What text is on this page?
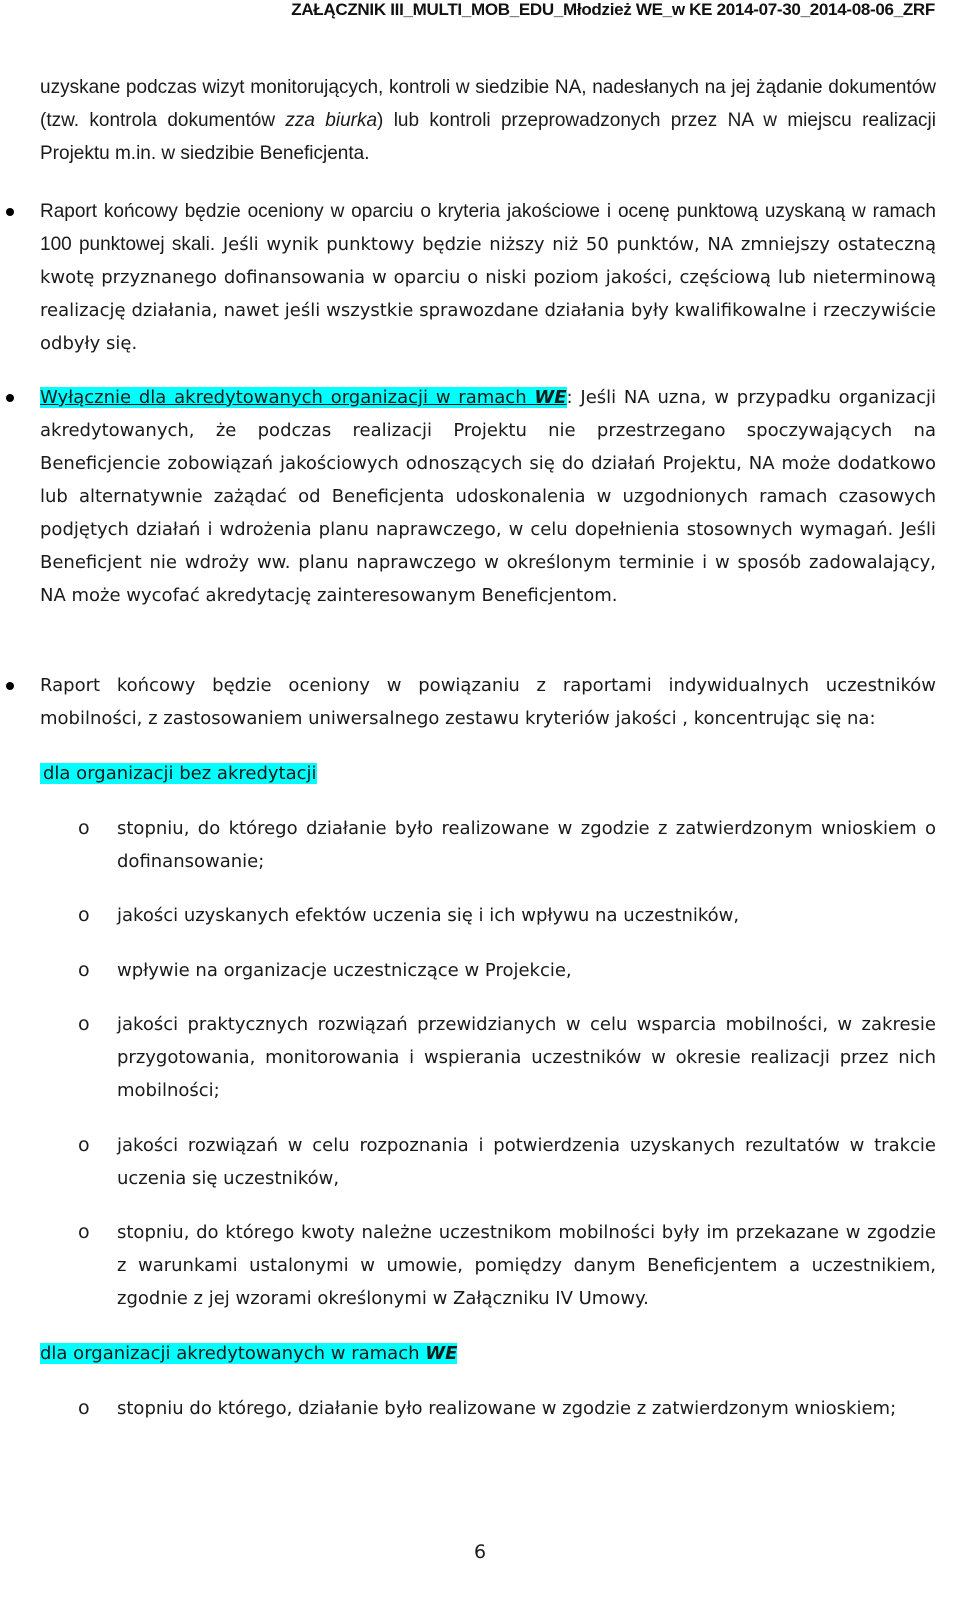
ZAŁĄCZNIK III_MULTI_MOB_EDU_Młodzież WE_w KE 2014-07-30_2014-08-06_ZRF

uzyskane podczas wizyt monitorujących, kontroli w siedzibie NA, nadesłanych na jej żądanie dokumentów (tzw. kontrola dokumentów zza biurka) lub kontroli przeprowadzonych przez NA w miejscu realizacji Projektu m.in. w siedzibie Beneficjenta.

Raport końcowy będzie oceniony w oparciu o kryteria jakościowe i ocenę punktową uzyskaną w ramach 100 punktowej skali. Jeśli wynik punktowy będzie niższy niż 50 punktów, NA zmniejszy ostateczną kwotę przyznanego dofinansowania w oparciu o niski poziom jakości, częściową lub nieterminową realizację działania, nawet jeśli wszystkie sprawozdane działania były kwalifikowalne i rzeczywiście odbyły się.

Wyłącznie dla akredytowanych organizacji w ramach WE: Jeśli NA uzna, w przypadku organizacji akredytowanych, że podczas realizacji Projektu nie przestrzegano spoczywających na Beneficjencie zobowiązań jakościowych odnoszących się do działań Projektu, NA może dodatkowo lub alternatywnie zażądać od Beneficjenta udoskonalenia w uzgodnionych ramach czasowych podjętych działań i wdrożenia planu naprawczego, w celu dopełnienia stosownych wymagań. Jeśli Beneficjent nie wdroży ww. planu naprawczego w określonym terminie i w sposób zadowalający, NA może wycofać akredytację zainteresowanym Beneficjentom.

Raport końcowy będzie oceniony w powiązaniu z raportami indywidualnych uczestników mobilności, z zastosowaniem uniwersalnego zestawu kryteriów jakości , koncentrując się na:

dla organizacji bez akredytacji
o stopniu, do którego działanie było realizowane w zgodzie z zatwierdzonym wnioskiem o dofinansowanie;

o jakości uzyskanych efektów uczenia się i ich wpływu na uczestników,

o wpływie na organizacje uczestniczące w Projekcie,

o jakości praktycznych rozwiązań przewidzianych w celu wsparcia mobilności, w zakresie przygotowania, monitorowania i wspierania uczestników w okresie realizacji przez nich mobilności;

o jakości rozwiązań w celu rozpoznania i potwierdzenia uzyskanych rezultatów w trakcie uczenia się uczestników,

o stopniu, do którego kwoty należne uczestnikom mobilności były im przekazane w zgodzie z warunkami ustalonymi w umowie, pomiędzy danym Beneficjentem a uczestnikiem, zgodnie z jej wzorami określonymi w Załączniku IV Umowy.

dla organizacji akredytowanych w ramach WE
o stopniu do którego, działanie było realizowane w zgodzie z zatwierdzonym wnioskiem;

6
